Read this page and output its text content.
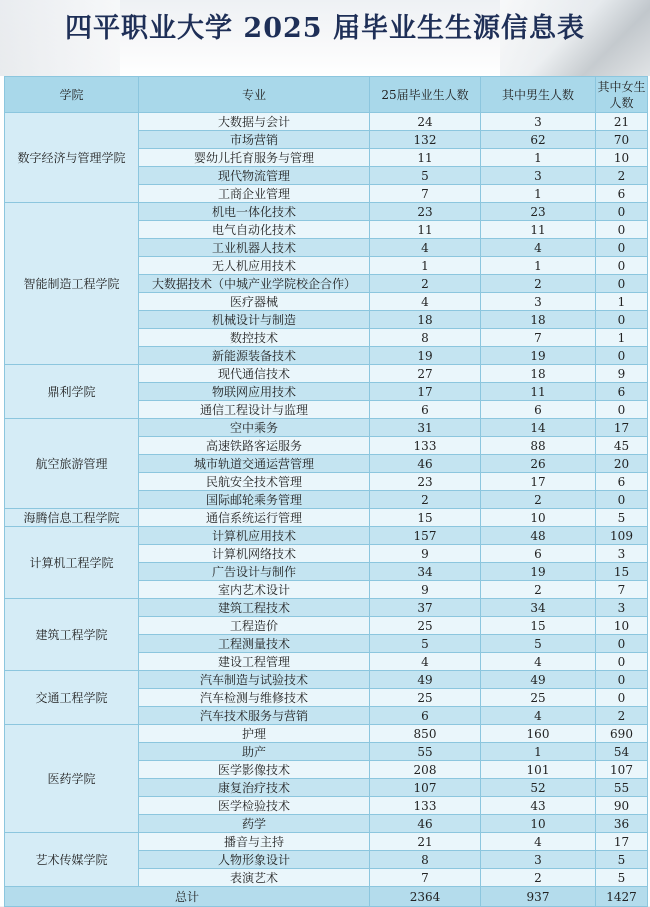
四平职业大学 2025 届毕业生生源信息表
学院	专业	25届毕业生人数	其中男生人数	其中女生人数
数字经济与管理学院	大数据与会计	24	3	21
	市场营销	132	62	70
	婴幼儿托育服务与管理	11	1	10
	现代物流管理	5	3	2
	工商企业管理	7	1	6
智能制造工程学院	机电一体化技术	23	23	0
	电气自动化技术	11	11	0
	工业机器人技术	4	4	0
	无人机应用技术	1	1	0
	大数据技术（中城产业学院校企合作）	2	2	0
	医疗器械	4	3	1
	机械设计与制造	18	18	0
	数控技术	8	7	1
	新能源装备技术	19	19	0
鼎利学院	现代通信技术	27	18	9
	物联网应用技术	17	11	6
	通信工程设计与监理	6	6	0
航空旅游管理	空中乘务	31	14	17
	高速铁路客运服务	133	88	45
	城市轨道交通运营管理	46	26	20
	民航安全技术管理	23	17	6
	国际邮轮乘务管理	2	2	0
海腾信息工程学院	通信系统运行管理	15	10	5
计算机工程学院	计算机应用技术	157	48	109
	计算机网络技术	9	6	3
	广告设计与制作	34	19	15
	室内艺术设计	9	2	7
建筑工程学院	建筑工程技术	37	34	3
	工程造价	25	15	10
	工程测量技术	5	5	0
	建设工程管理	4	4	0
交通工程学院	汽车制造与试验技术	49	49	0
	汽车检测与维修技术	25	25	0
	汽车技术服务与营销	6	4	2
医药学院	护理	850	160	690
	助产	55	1	54
	医学影像技术	208	101	107
	康复治疗技术	107	52	55
	医学检验技术	133	43	90
	药学	46	10	36
艺术传媒学院	播音与主持	21	4	17
	人物形象设计	8	3	5
	表演艺术	7	2	5
总计		2364	937	1427
